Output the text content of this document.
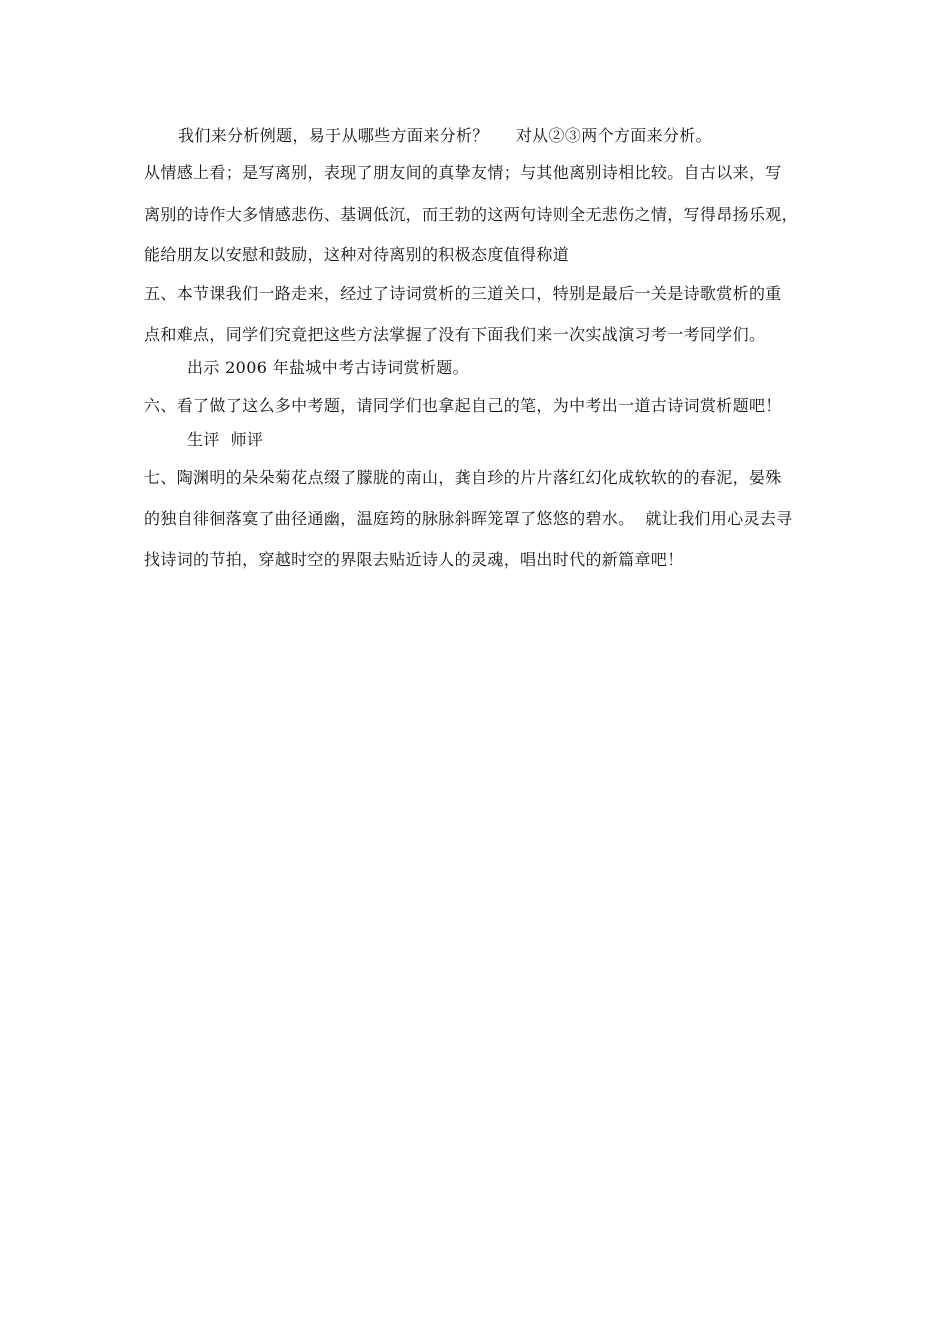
我们来分析例题，易于从哪些方面来分析？     对从②③两个方面来分析。
从情感上看；是写离别，表现了朋友间的真挚友情；与其他离别诗相比较。自古以来，写
离别的诗作大多情感悲伤、基调低沉，而王勃的这两句诗则全无悲伤之情，写得昂扬乐观，
能给朋友以安慰和鼓励，这种对待离别的积极态度值得称道
五、本节课我们一路走来，经过了诗词赏析的三道关口，特别是最后一关是诗歌赏析的重
点和难点，同学们究竟把这些方法掌握了没有下面我们来一次实战演习考一考同学们。
出示 2006 年盐城中考古诗词赏析题。
六、看了做了这么多中考题，请同学们也拿起自己的笔，为中考出一道古诗词赏析题吧！
生评  师评
七、陶渊明的朵朵菊花点缀了朦胧的南山，龚自珍的片片落红幻化成软软的的春泥，晏殊
的独自徘徊落寞了曲径通幽，温庭筠的脉脉斜晖笼罩了悠悠的碧水。  就让我们用心灵去寻
找诗词的节拍，穿越时空的界限去贴近诗人的灵魂，唱出时代的新篇章吧！
